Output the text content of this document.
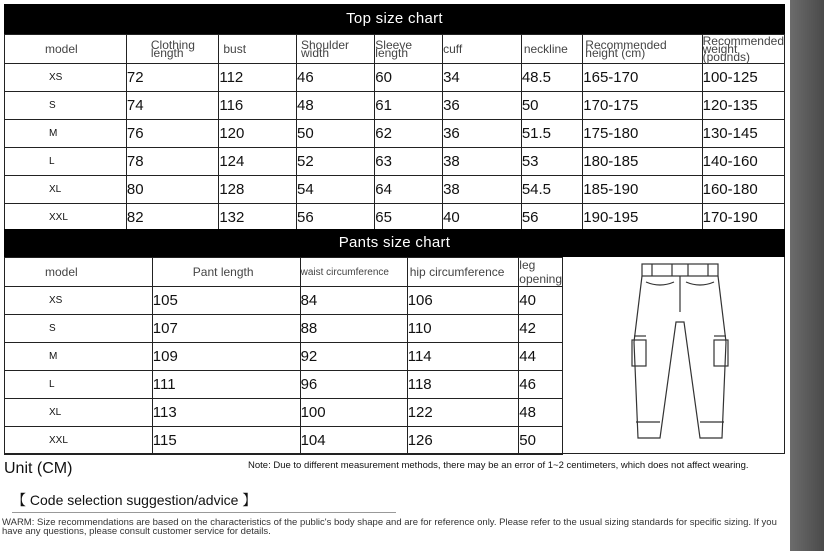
Top size chart
model	Clothing length	bust	Shoulder width	Sleeve length	cuff	neckline	Recommended height (cm)	Recommended weight (pounds)
XS	72	112	46	60	34	48.5	165-170	100-125
S	74	116	48	61	36	50	170-175	120-135
M	76	120	50	62	36	51.5	175-180	130-145
L	78	124	52	63	38	53	180-185	140-160
XL	80	128	54	64	38	54.5	185-190	160-180
XXL	82	132	56	65	40	56	190-195	170-190
Pants size chart
model	Pant length	waist circumference	hip circumference	leg opening
XS	105	84	106	40
S	107	88	110	42
M	109	92	114	44
L	111	96	118	46
XL	113	100	122	48
XXL	115	104	126	50
Unit (CM)	Note: Due to different measurement methods, there may be an error of 1~2 centimeters, which does not affect wearing.
【 Code selection suggestion/advice 】
WARM: Size recommendations are based on the characteristics of the public's body shape and are for reference only. Please refer to the usual sizing standards for specific sizing. If you have any questions, please consult customer service for details.
